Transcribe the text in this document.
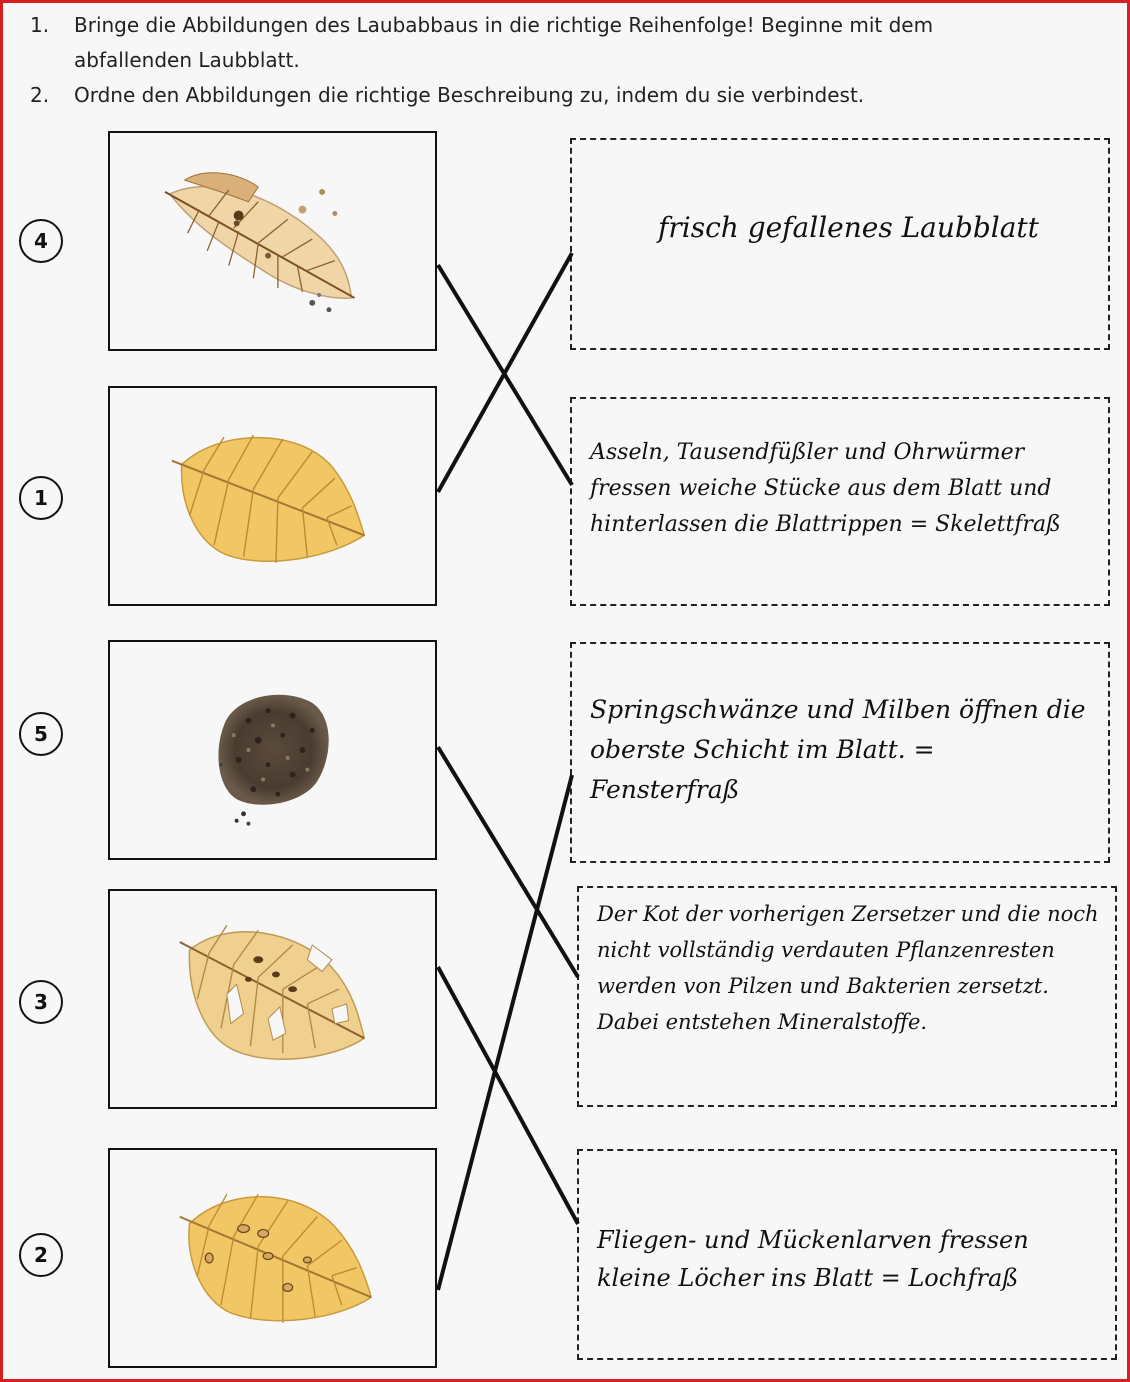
1.	Bringe die Abbildungen des Laubabbaus in die richtige Reihenfolge! Beginne mit dem abfallenden Laubblatt.
2.	Ordne den Abbildungen die richtige Beschreibung zu, indem du sie verbindest.
4
1
5
3
2
frisch gefallenes Laubblatt
Asseln, Tausendfüßler und Ohrwürmer fressen weiche Stücke aus dem Blatt und hinterlassen die Blattrippen = Skelettfraß
Springschwänze und Milben öffnen die oberste Schicht im Blatt. = Fensterfraß
Der Kot der vorherigen Zersetzer und die noch nicht vollständig verdauten Pflanzenresten werden von Pilzen und Bakterien zersetzt. Dabei entstehen Mineralstoffe.
Fliegen- und Mückenlarven fressen kleine Löcher ins Blatt = Lochfraß
